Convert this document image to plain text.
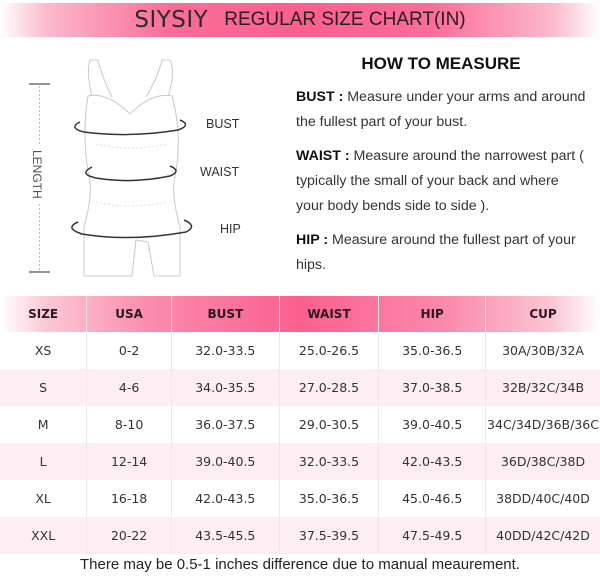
SIYSIY REGULAR SIZE CHART(IN)
LENGTH
BUST
WAIST
HIP
HOW TO MEASURE

BUST : Measure under your arms and around the fullest part of your bust.

WAIST : Measure around the narrowest part ( typically the small of your back and where your body bends side to side ).

HIP : Measure around the fullest part of your hips.

SIZE	USA	BUST	WAIST	HIP	CUP
XS	0-2	32.0-33.5	25.0-26.5	35.0-36.5	30A/30B/32A
S	4-6	34.0-35.5	27.0-28.5	37.0-38.5	32B/32C/34B
M	8-10	36.0-37.5	29.0-30.5	39.0-40.5	34C/34D/36B/36C
L	12-14	39.0-40.5	32.0-33.5	42.0-43.5	36D/38C/38D
XL	16-18	42.0-43.5	35.0-36.5	45.0-46.5	38DD/40C/40D
XXL	20-22	43.5-45.5	37.5-39.5	47.5-49.5	40DD/42C/42D
There may be 0.5-1 inches difference due to manual meaurement.
